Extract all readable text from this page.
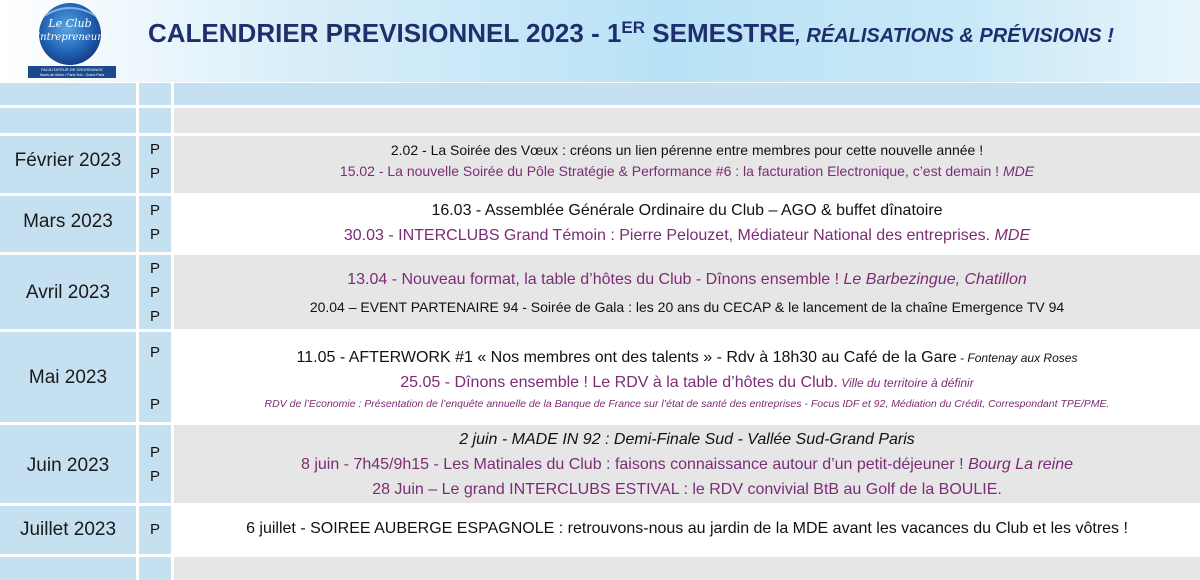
Le Club
Entrepreneurs
FACILITATEUR DE CROISSANCE
Hauts-de-Seine • Paris Sud - Grand Paris
CALENDRIER PREVISIONNEL 2023 - 1ER SEMESTRE, RÉALISATIONS & PRÉVISIONS !
Février 2023
P
P
2.02 - La Soirée des Vœux : créons un lien pérenne entre membres pour cette nouvelle année !
15.02 - La nouvelle Soirée du Pôle Stratégie & Performance #6 : la facturation Electronique, c’est demain ! MDE
Mars 2023
P
P
16.03 - Assemblée Générale Ordinaire du Club – AGO & buffet dînatoire
30.03 - INTERCLUBS Grand Témoin : Pierre Pelouzet, Médiateur National des entreprises. MDE
Avril 2023
P
P
P
13.04 - Nouveau format, la table d’hôtes du Club - Dînons ensemble ! Le Barbezingue, Chatillon
20.04 – EVENT PARTENAIRE 94 - Soirée de Gala : les 20 ans du CECAP & le lancement de la chaîne Emergence TV 94
Mai 2023
P
P
11.05 - AFTERWORK #1 « Nos membres ont des talents » - Rdv à 18h30 au Café de la Gare - Fontenay aux Roses
25.05 - Dînons ensemble ! Le RDV à la table d’hôtes du Club. Ville du territoire à définir
RDV de l’Economie : Présentation de l’enquête annuelle de la Banque de France sur l’état de santé des entreprises - Focus IDF et 92, Médiation du Crédit, Correspondant TPE/PME.
Juin 2023
P
P
2 juin - MADE IN 92 : Demi-Finale Sud - Vallée Sud-Grand Paris
8 juin - 7h45/9h15 - Les Matinales du Club : faisons connaissance autour d’un petit-déjeuner ! Bourg La reine
28 Juin – Le grand INTERCLUBS ESTIVAL : le RDV convivial BtB au Golf de la BOULIE.
Juillet 2023	P	6 juillet - SOIREE AUBERGE ESPAGNOLE : retrouvons-nous au jardin de la MDE avant les vacances du Club et les vôtres !
